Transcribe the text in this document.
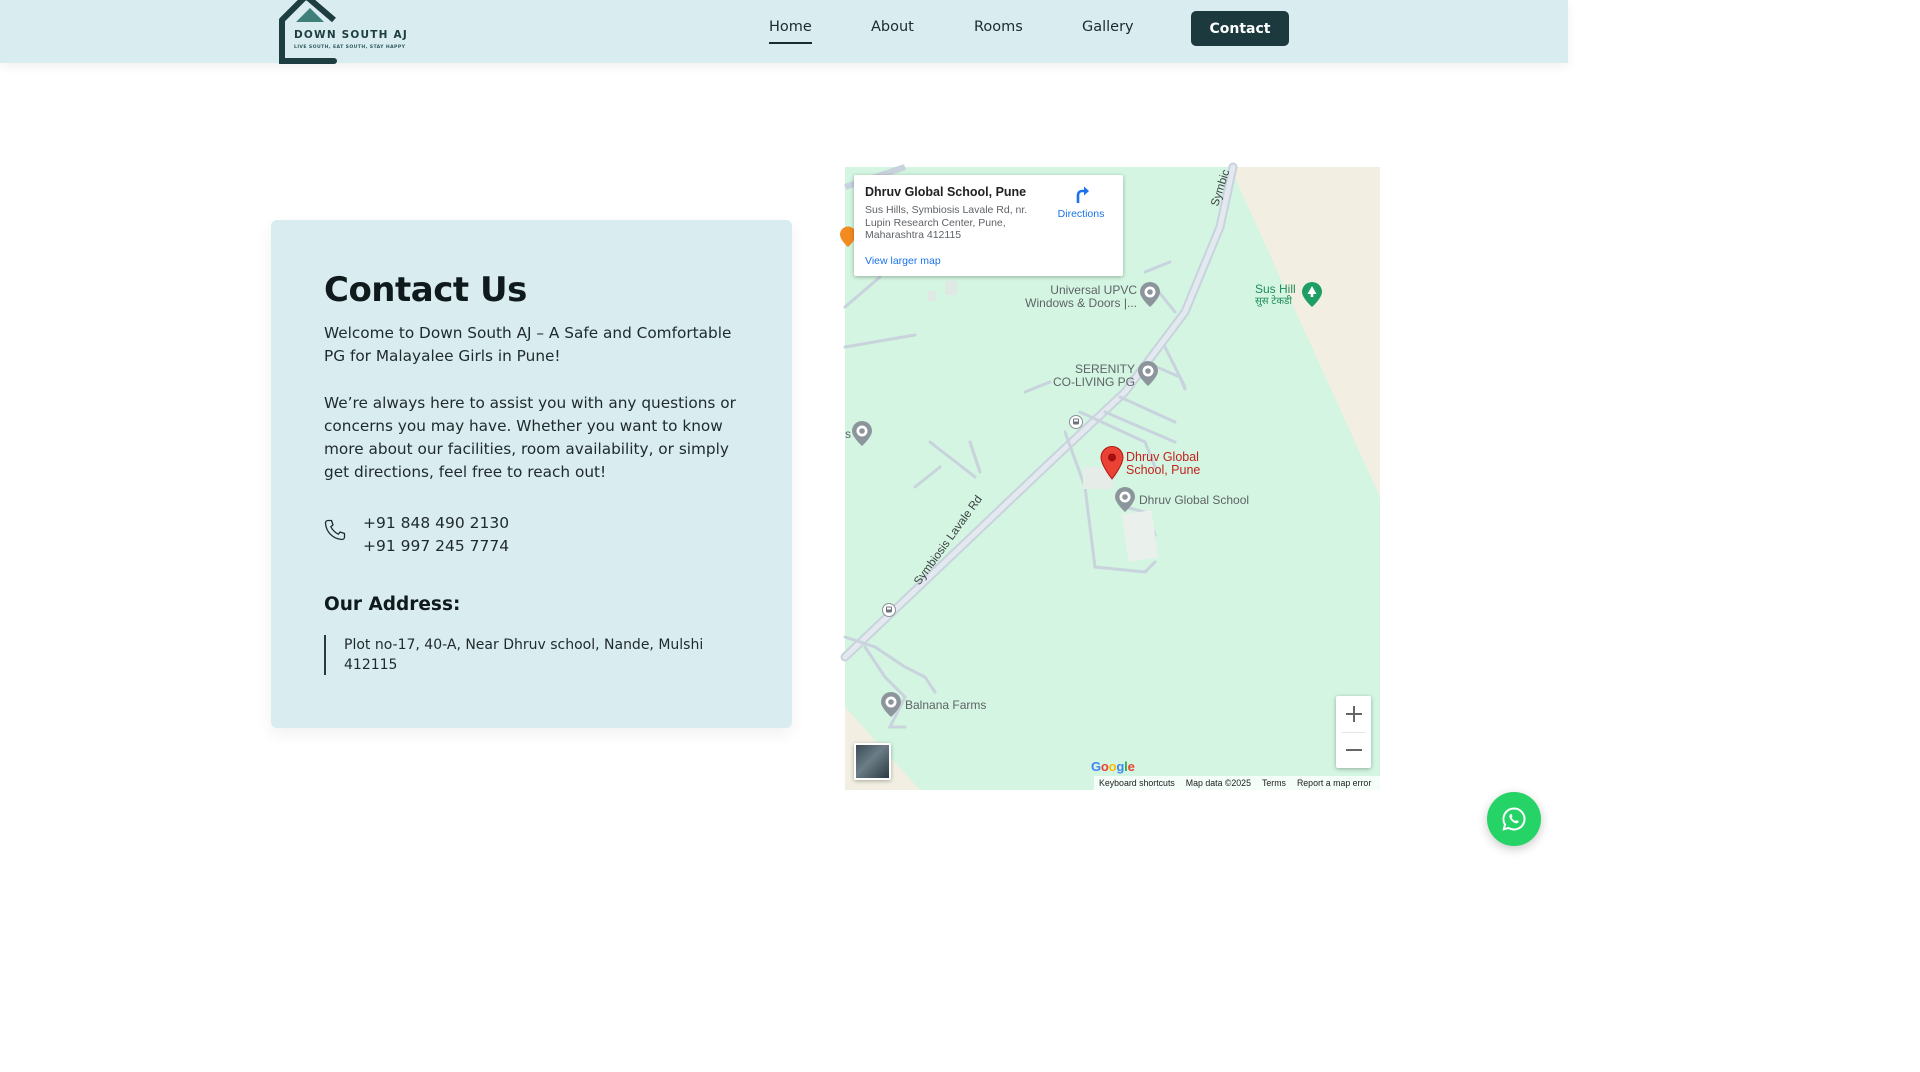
DOWN SOUTH AJ
LIVE SOUTH, EAT SOUTH, STAY HAPPY
Home	About	Rooms	Gallery	Contact
Contact Us

Welcome to Down South AJ – A Safe and Comfortable PG for Malayalee Girls in Pune!

We’re always here to assist you with any questions or concerns you may have. Whether you want to know more about our facilities, room availability, or simply get directions, feel free to reach out!

+91 848 490 2130
+91 997 245 7774
Our Address:
Plot no-17, 40-A, Near Dhruv school, Nande, Mulshi 412115
Universal UPVC
Windows & Doors |...
SERENITY
CO-LIVING PG
Sus Hill
सुस टेकडी
Dhruv Global
School, Pune
Dhruv Global School
Balnana Farms
s
Symbiosis Lavale Rd
Symbic
Dhruv Global School, Pune
Sus Hills, Symbiosis Lavale Rd, nr. Lupin Research Center, Pune, Maharashtra 412115
Directions
View larger map
Google
Keyboard shortcuts Map data ©2025 Terms Report a map error
